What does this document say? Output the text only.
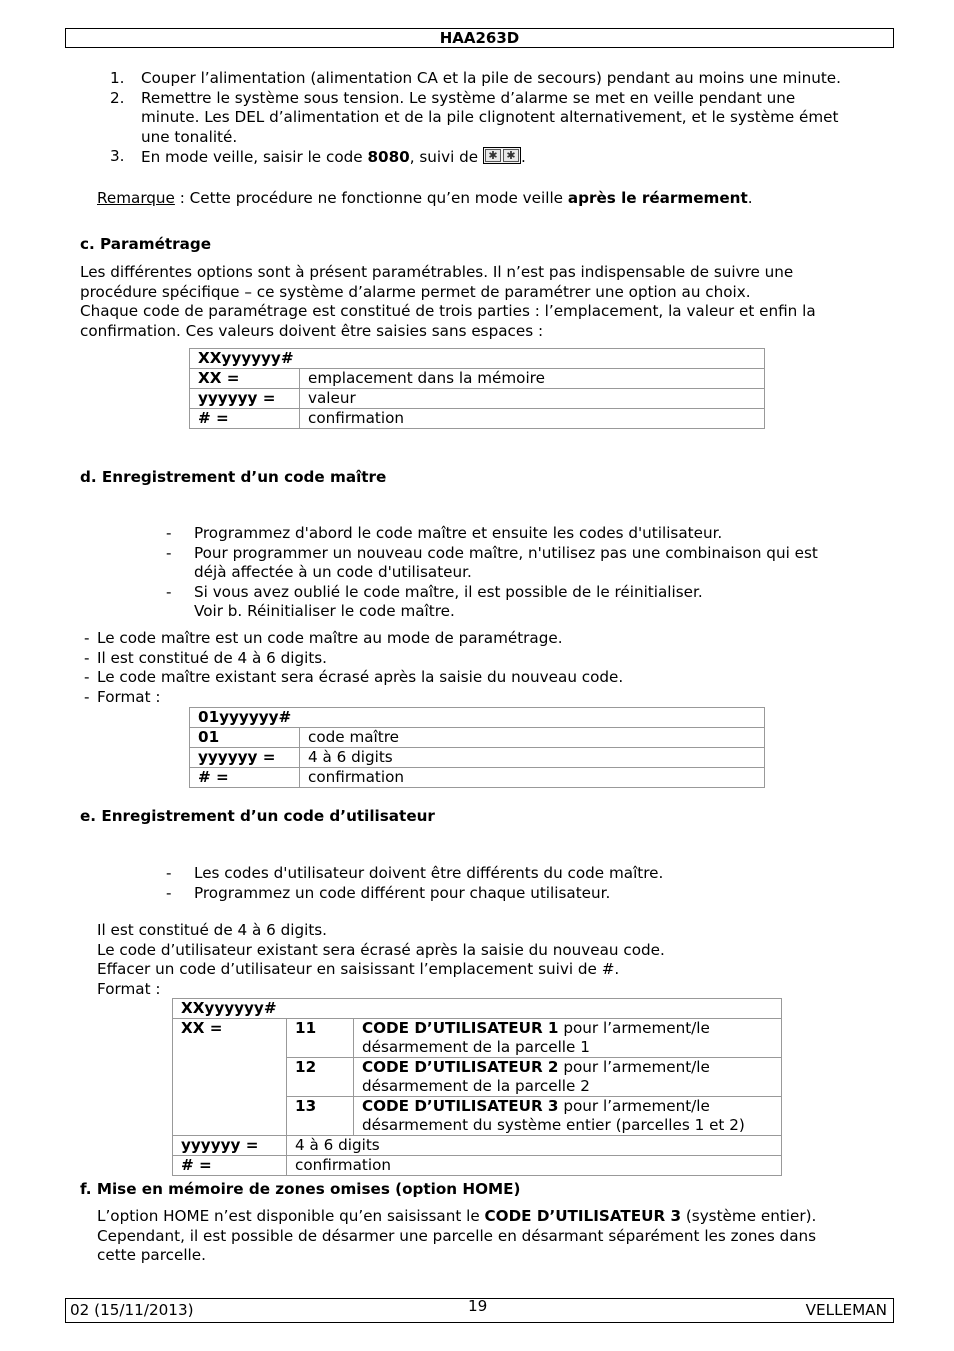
HAA263D
1. Couper l’alimentation (alimentation CA et la pile de secours) pendant au moins une minute.
2. Remettre le système sous tension. Le système d’alarme se met en veille pendant une
minute. Les DEL d’alimentation et de la pile clignotent alternativement, et le système émet
une tonalité.
3. En mode veille, saisir le code 8080, suivi de ✱ ✱ .
Remarque : Cette procédure ne fonctionne qu’en mode veille après le réarmement.
c. Paramétrage
Les différentes options sont à présent paramétrables. Il n’est pas indispensable de suivre une
procédure spécifique – ce système d’alarme permet de paramétrer une option au choix.
Chaque code de paramétrage est constitué de trois parties : l’emplacement, la valeur et enfin la
confirmation. Ces valeurs doivent être saisies sans espaces :
XXyyyyyy#	
XX =	emplacement dans la mémoire
yyyyyy =	valeur
# =	confirmation
d. Enregistrement d’un code maître
- Programmez d'abord le code maître et ensuite les codes d'utilisateur.
- Pour programmer un nouveau code maître, n'utilisez pas une combinaison qui est
déjà affectée à un code d'utilisateur.
- Si vous avez oublié le code maître, il est possible de le réinitialiser.
Voir b. Réinitialiser le code maître.
- Le code maître est un code maître au mode de paramétrage.
- Il est constitué de 4 à 6 digits.
- Le code maître existant sera écrasé après la saisie du nouveau code.
- Format :
01yyyyyy#	
01	code maître
yyyyyy =	4 à 6 digits
# =	confirmation
e. Enregistrement d’un code d’utilisateur
- Les codes d'utilisateur doivent être différents du code maître.
- Programmez un code différent pour chaque utilisateur.
Il est constitué de 4 à 6 digits.
Le code d’utilisateur existant sera écrasé après la saisie du nouveau code.
Effacer un code d’utilisateur en saisissant l’emplacement suivi de #.
Format :
XXyyyyyy#		
XX =	11	CODE D’UTILISATEUR 1 pour l’armement/le
désarmement de la parcelle 1
	12	CODE D’UTILISATEUR 2 pour l’armement/le
désarmement de la parcelle 2
	13	CODE D’UTILISATEUR 3 pour l’armement/le
désarmement du système entier (parcelles 1 et 2)
yyyyyy =	4 à 6 digits	
# =	confirmation	
f. Mise en mémoire de zones omises (option HOME)
L’option HOME n’est disponible qu’en saisissant le CODE D’UTILISATEUR 3 (système entier).
Cependant, il est possible de désarmer une parcelle en désarmant séparément les zones dans
cette parcelle.
02 (15/11/2013)	19	VELLEMAN
